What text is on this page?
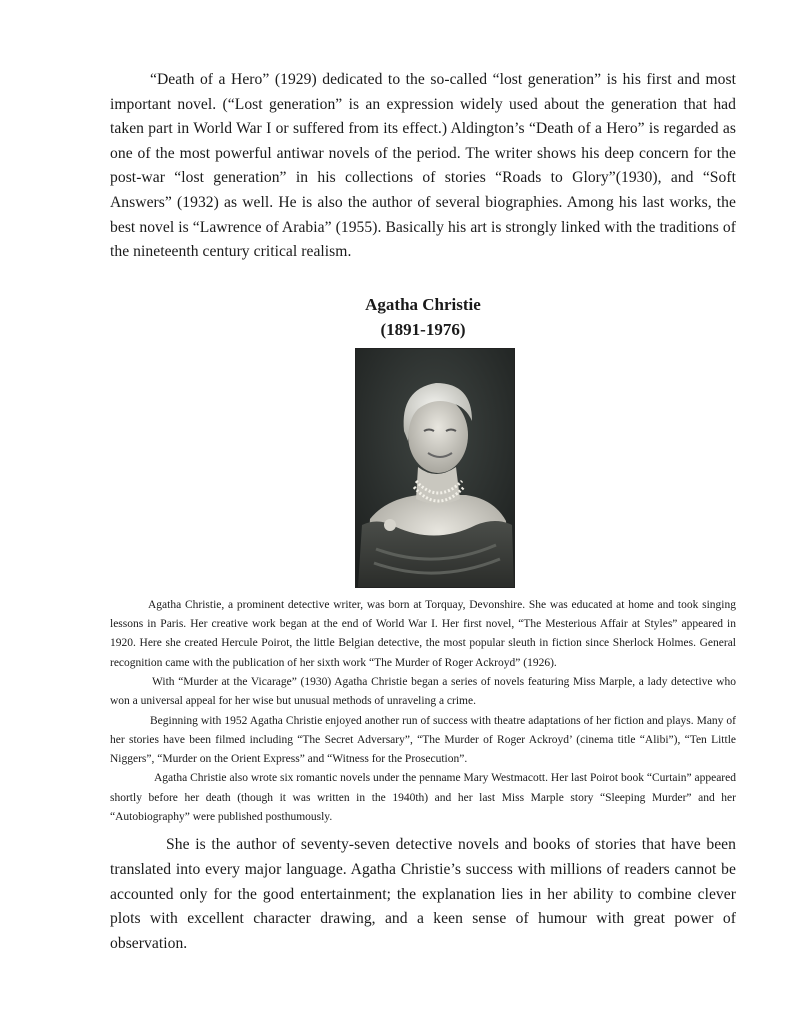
“Death of a Hero” (1929) dedicated to the so-called “lost generation” is his first and most important novel. (“Lost generation” is an expression widely used about the generation that had taken part in World War I or suffered from its effect.) Aldington’s “Death of a Hero” is regarded as one of the most powerful antiwar novels of the period. The writer shows his deep concern for the post-war “lost generation” in his collections of stories “Roads to Glory”(1930), and “Soft Answers” (1932) as well. He is also the author of several biographies. Among his last works, the best novel is “Lawrence of Arabia” (1955). Basically his art is strongly linked with the traditions of the nineteenth century critical realism.

Agatha Christie

(1891-1976)

Agatha Christie, a prominent detective writer, was born at Torquay, Devonshire. She was educated at home and took singing lessons in Paris. Her creative work began at the end of World War I. Her first novel, “The Mesterious Affair at Styles” appeared in 1920. Here she created Hercule Poirot, the little Belgian detective, the most popular sleuth in fiction since Sherlock Holmes. General recognition came with the publication of her sixth work “The Murder of Roger Ackroyd” (1926).

With “Murder at the Vicarage” (1930) Agatha Christie began a series of novels featuring Miss Marple, a lady detective who won a universal appeal for her wise but unusual methods of unraveling a crime.

Beginning with 1952 Agatha Christie enjoyed another run of success with theatre adaptations of her fiction and plays. Many of her stories have been filmed including “The Secret Adversary”, “The Murder of Roger Ackroyd’ (cinema title “Alibi”), “Ten Little Niggers”, “Murder on the Orient Express” and “Witness for the Prosecution”.

Agatha Christie also wrote six romantic novels under the penname Mary Westmacott. Her last Poirot book “Curtain” appeared shortly before her death (though it was written in the 1940th) and her last Miss Marple story “Sleeping Murder” and her “Autobiography” were published posthumously.

She is the author of seventy-seven detective novels and books of stories that have been translated into every major language. Agatha Christie’s success with millions of readers cannot be accounted only for the good entertainment; the explanation lies in her ability to combine clever plots with excellent character drawing, and a keen sense of humour with great power of observation.
